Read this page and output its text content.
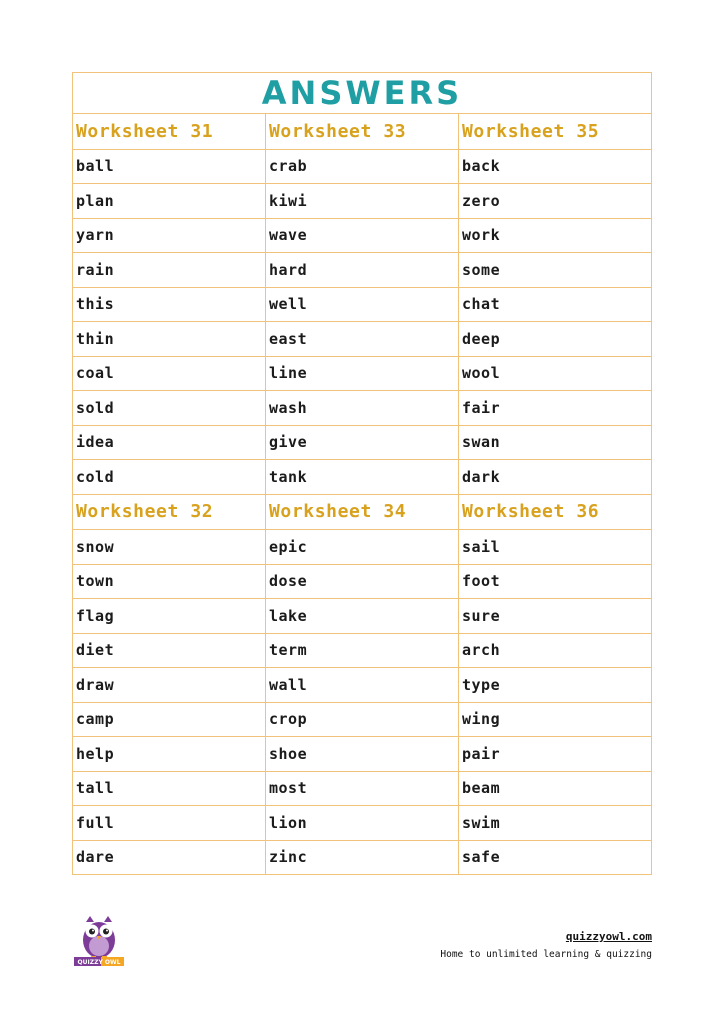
ANSWERS		
Worksheet 31	Worksheet 33	Worksheet 35
ball	crab	back
plan	kiwi	zero
yarn	wave	work
rain	hard	some
this	well	chat
thin	east	deep
coal	line	wool
sold	wash	fair
idea	give	swan
cold	tank	dark
Worksheet 32	Worksheet 34	Worksheet 36
snow	epic	sail
town	dose	foot
flag	lake	sure
diet	term	arch
draw	wall	type
camp	crop	wing
help	shoe	pair
tall	most	beam
full	lion	swim
dare	zinc	safe
QUIZZY OWL
quizzyowl.com
Home to unlimited learning & quizzing
